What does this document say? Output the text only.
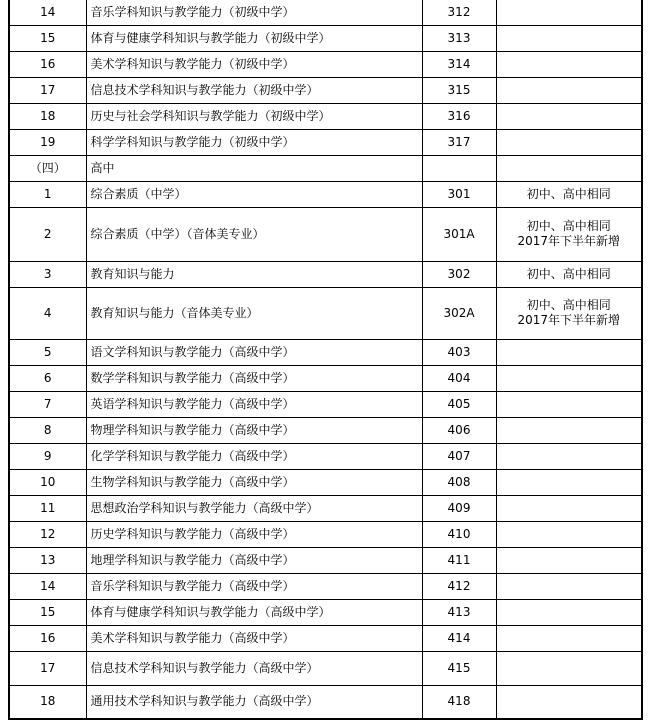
14	音乐学科知识与教学能力（初级中学）	312	
15	体育与健康学科知识与教学能力（初级中学）	313	
16	美术学科知识与教学能力（初级中学）	314	
17	信息技术学科知识与教学能力（初级中学）	315	
18	历史与社会学科知识与教学能力（初级中学）	316	
19	科学学科知识与教学能力（初级中学）	317	
（四）	高中		
1	综合素质（中学）	301	初中、高中相同
2	综合素质（中学）（音体美专业）	301A	初中、高中相同
2017年下半年新增

3	教育知识与能力	302	初中、高中相同
4	教育知识与能力（音体美专业）	302A	初中、高中相同
2017年下半年新增

5	语文学科知识与教学能力（高级中学）	403	
6	数学学科知识与教学能力（高级中学）	404	
7	英语学科知识与教学能力（高级中学）	405	
8	物理学科知识与教学能力（高级中学）	406	
9	化学学科知识与教学能力（高级中学）	407	
10	生物学科知识与教学能力（高级中学）	408	
11	思想政治学科知识与教学能力（高级中学）	409	
12	历史学科知识与教学能力（高级中学）	410	
13	地理学科知识与教学能力（高级中学）	411	
14	音乐学科知识与教学能力（高级中学）	412	
15	体育与健康学科知识与教学能力（高级中学）	413	
16	美术学科知识与教学能力（高级中学）	414	
17	信息技术学科知识与教学能力（高级中学）	415	
18	通用技术学科知识与教学能力（高级中学）	418	
